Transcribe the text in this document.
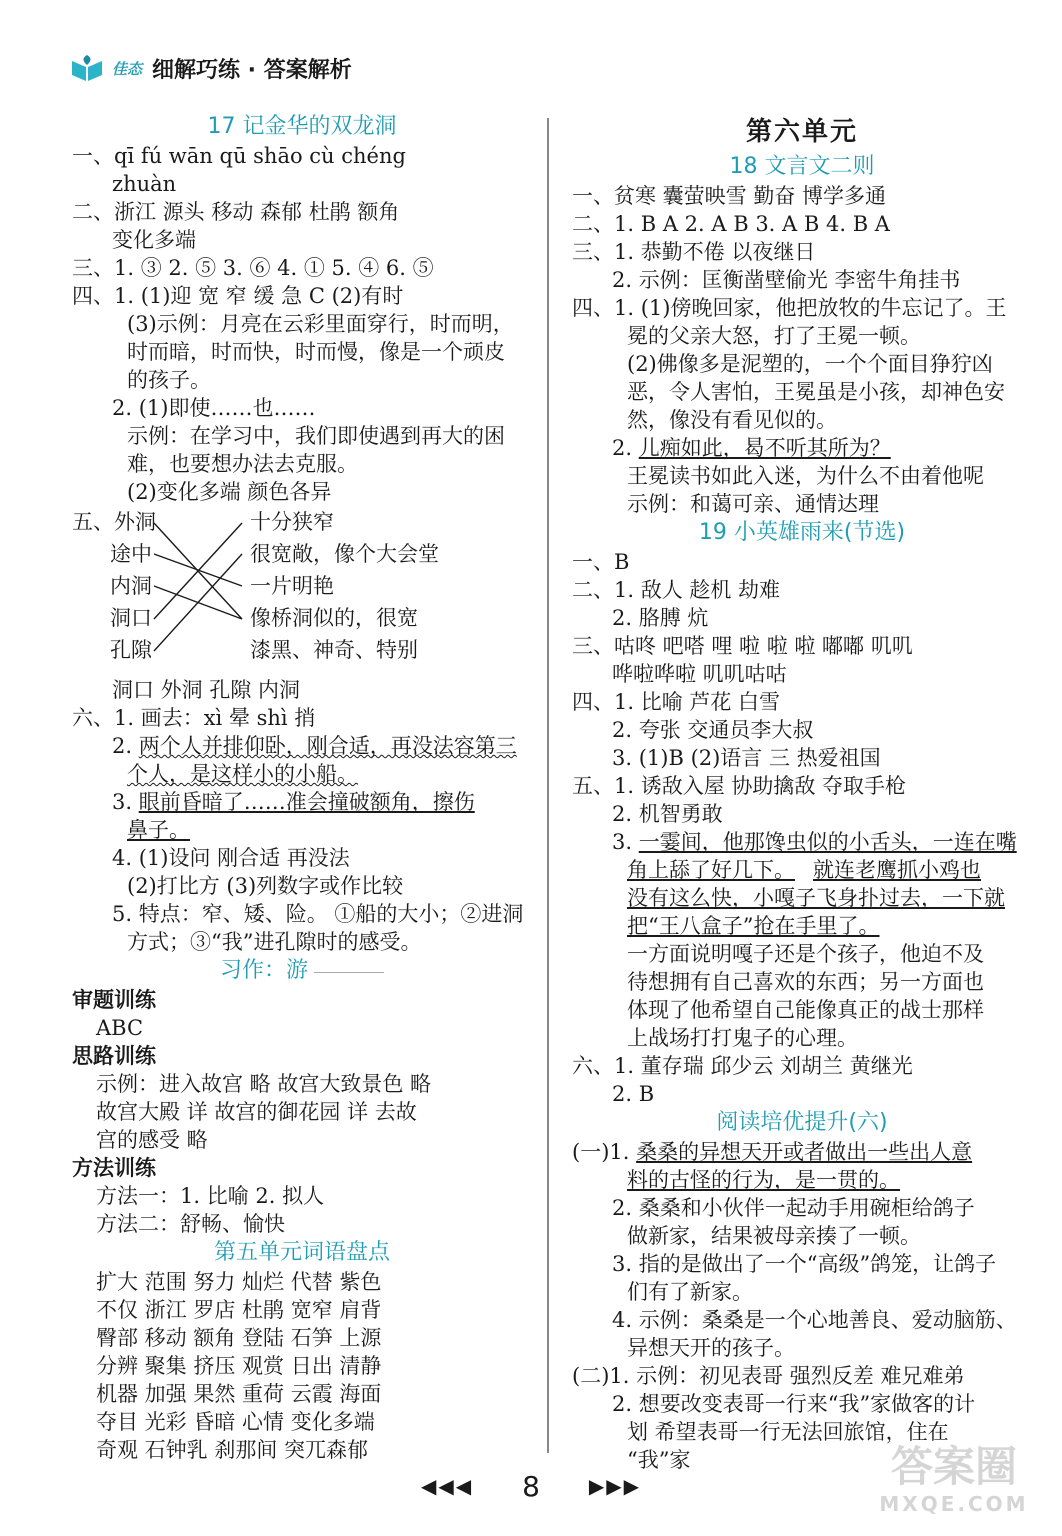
佳态 细解巧练 · 答案解析
17 记金华的双龙洞
一、qī fú wān qū shāo cù chéng
zhuàn
二、浙江 源头 移动 森郁 杜鹃 额角
变化多端
三、1. ③ 2. ⑤ 3. ⑥ 4. ① 5. ④ 6. ⑤
四、1. (1)迎 宽 窄 缓 急 C (2)有时
(3)示例：月亮在云彩里面穿行，时而明，
时而暗，时而快，时而慢，像是一个顽皮
的孩子。
2. (1)即使……也……
示例：在学习中，我们即使遇到再大的困
难，也要想办法去克服。
(2)变化多端 颜色各异
五、外洞
途中
内洞
洞口
孔隙
十分狭窄
很宽敞，像个大会堂
一片明艳
像桥洞似的，很宽
漆黑、神奇、特别
洞口 外洞 孔隙 内洞
六、1. 画去：xì 晕 shì 捎
2. 两个人并排仰卧，刚合适，再没法容第三
个人，是这样小的小船。
3. 眼前昏暗了……准会撞破额角，擦伤
鼻子。
4. (1)设问 刚合适 再没法
(2)打比方 (3)列数字或作比较
5. 特点：窄、矮、险。 ①船的大小；②进洞
方式；③“我”进孔隙时的感受。
习作：游
审题训练
ABC
思路训练
示例：进入故宫 略 故宫大致景色 略
故宫大殿 详 故宫的御花园 详 去故
宫的感受 略
方法训练
方法一：1. 比喻 2. 拟人
方法二：舒畅、愉快
第五单元词语盘点
扩大 范围 努力 灿烂 代替 紫色
不仅 浙江 罗店 杜鹃 宽窄 肩背
臀部 移动 额角 登陆 石笋 上源
分辨 聚集 挤压 观赏 日出 清静
机器 加强 果然 重荷 云霞 海面
夺目 光彩 昏暗 心情 变化多端
奇观 石钟乳 刹那间 突兀森郁
第六单元
18 文言文二则
一、贫寒 囊萤映雪 勤奋 博学多通
二、1. B A 2. A B 3. A B 4. B A
三、1. 恭勤不倦 以夜继日
2. 示例：匡衡凿壁偷光 李密牛角挂书
四、1. (1)傍晚回家，他把放牧的牛忘记了。王
冕的父亲大怒，打了王冕一顿。
(2)佛像多是泥塑的，一个个面目狰狞凶
恶，令人害怕，王冕虽是小孩，却神色安
然，像没有看见似的。
2. 儿痴如此，曷不听其所为？
王冕读书如此入迷，为什么不由着他呢
示例：和蔼可亲、通情达理
19 小英雄雨来(节选)
一、B
二、1. 敌人 趁机 劫难
2. 胳膊 炕
三、咕咚 吧嗒 哩 啦 啦 啦 嘟嘟 叽叽
哗啦哗啦 叽叽咕咕
四、1. 比喻 芦花 白雪
2. 夸张 交通员李大叔
3. (1)B (2)语言 三 热爱祖国
五、1. 诱敌入屋 协助擒敌 夺取手枪
2. 机智勇敢
3. 一霎间，他那馋虫似的小舌头，一连在嘴
角上舔了好几下。 就连老鹰抓小鸡也
没有这么快，小嘎子飞身扑过去，一下就
把“王八盒子”抢在手里了。
一方面说明嘎子还是个孩子，他迫不及
待想拥有自己喜欢的东西；另一方面也
体现了他希望自己能像真正的战士那样
上战场打打鬼子的心理。
六、1. 董存瑞 邱少云 刘胡兰 黄继光
2. B
阅读培优提升(六)
(一)1. 桑桑的异想天开或者做出一些出人意
料的古怪的行为，是一贯的。
2. 桑桑和小伙伴一起动手用碗柜给鸽子
做新家，结果被母亲揍了一顿。
3. 指的是做出了一个“高级”鸽笼，让鸽子
们有了新家。
4. 示例：桑桑是一个心地善良、爱动脑筋、
异想天开的孩子。
(二)1. 示例：初见表哥 强烈反差 难兄难弟
2. 想要改变表哥一行来“我”家做客的计
划 希望表哥一行无法回旅馆，住在
“我”家
◀◀◀ 8 ▶▶▶	答案圈
MXQE.COM
